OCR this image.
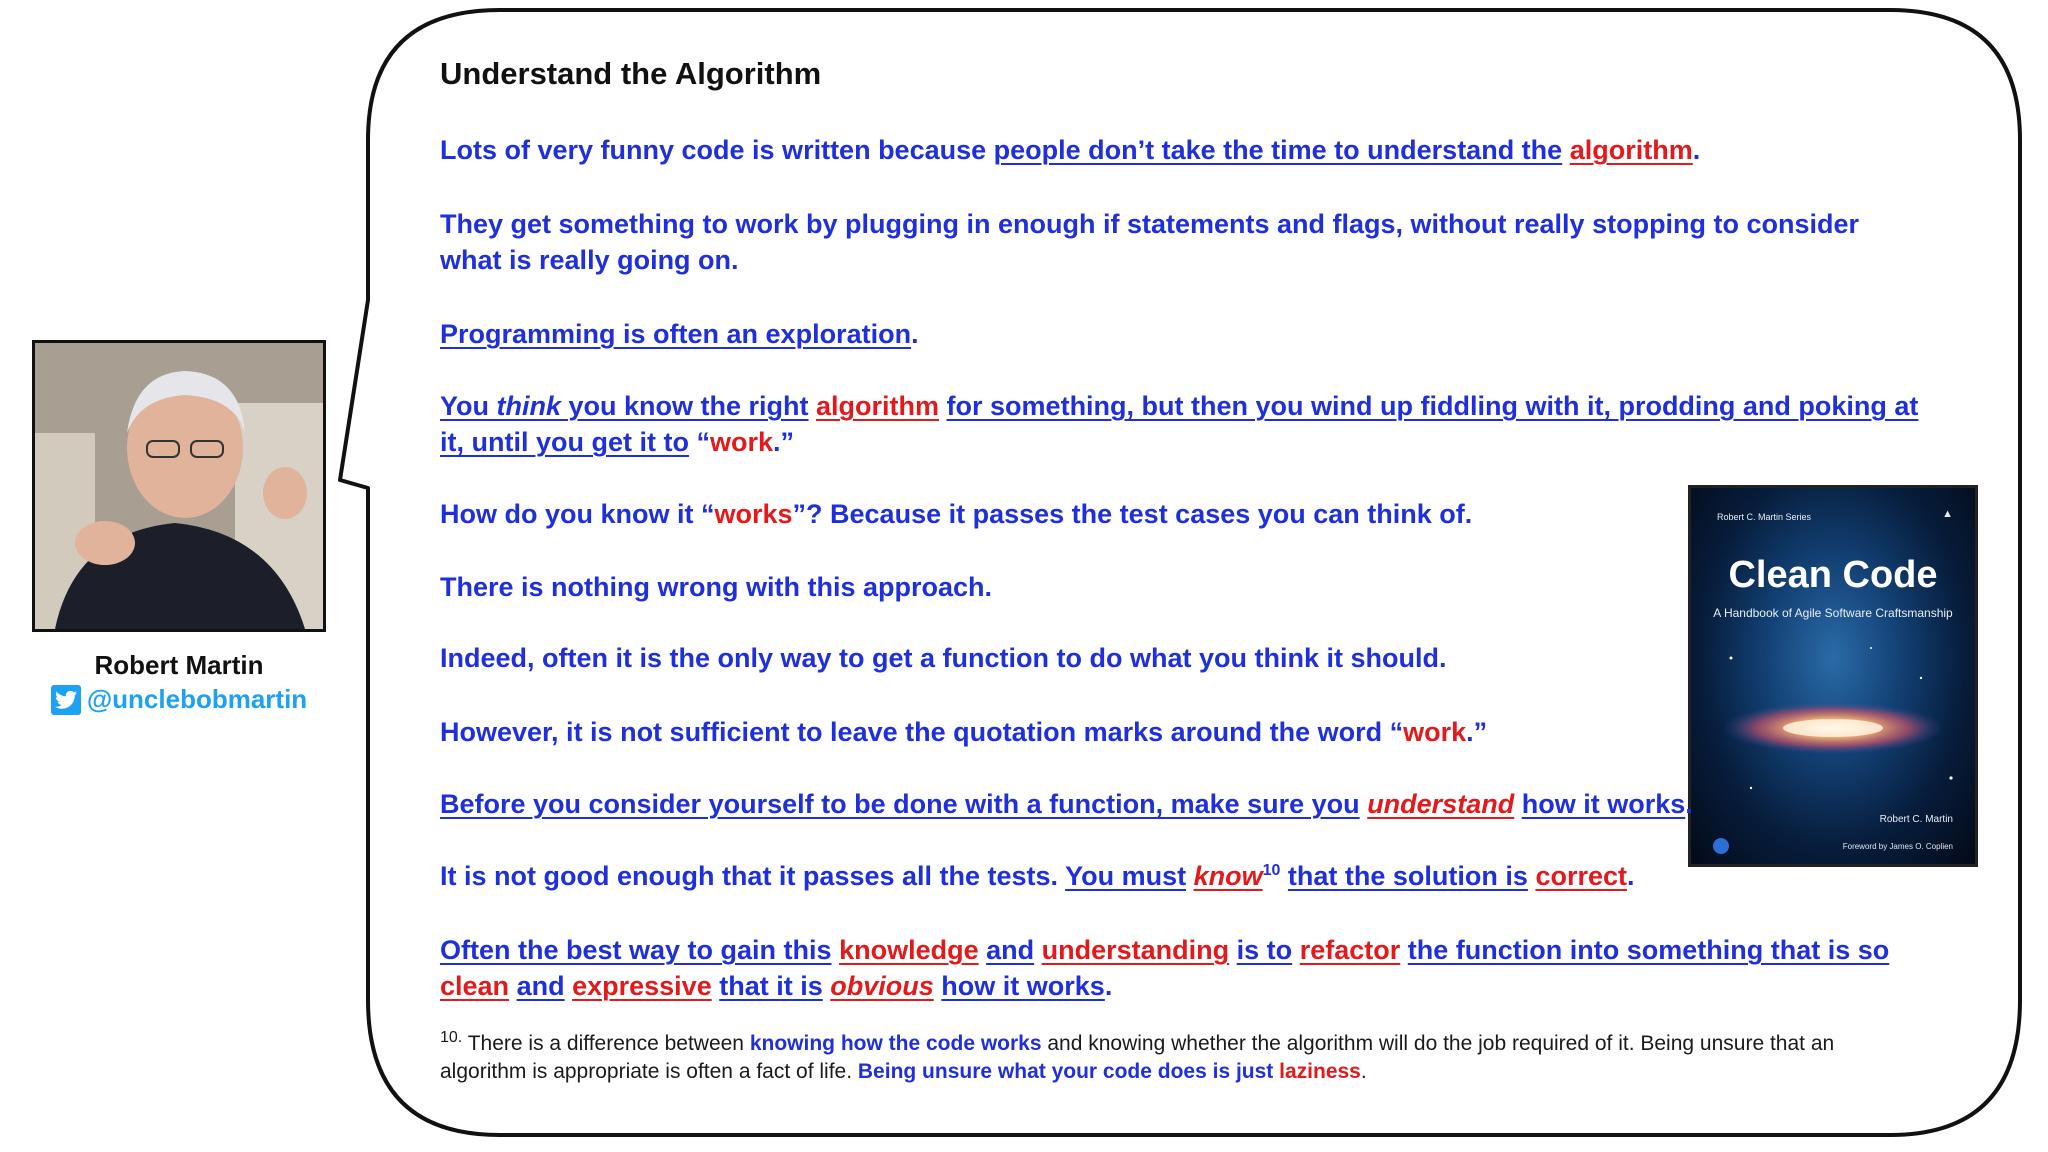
Robert Martin

@unclebobmartin
Robert C. Martin Series	▲
Clean Code
A Handbook of Agile Software Craftsmanship
Robert C. Martin
Foreword by James O. Coplien
Understand the Algorithm

Lots of very funny code is written because people don’t take the time to understand the algorithm.

They get something to work by plugging in enough if statements and flags, without really stopping to consider what is really going on.

Programming is often an exploration.

You think you know the right algorithm for something, but then you wind up fiddling with it, prodding and poking at it, until you get it to “work.”

How do you know it “works”? Because it passes the test cases you can think of.

There is nothing wrong with this approach.

Indeed, often it is the only way to get a function to do what you think it should.

However, it is not sufficient to leave the quotation marks around the word “work.”

Before you consider yourself to be done with a function, make sure you understand how it works.

It is not good enough that it passes all the tests. You must know$^{10}$ that the solution is correct.

Often the best way to gain this knowledge and understanding is to refactor the function into something that is so clean and expressive that it is obvious how it works.

$^{10.}$ There is a difference between knowing how the code works and knowing whether the algorithm will do the job required of it. Being unsure that an algorithm is appropriate is often a fact of life. Being unsure what your code does is just laziness.
